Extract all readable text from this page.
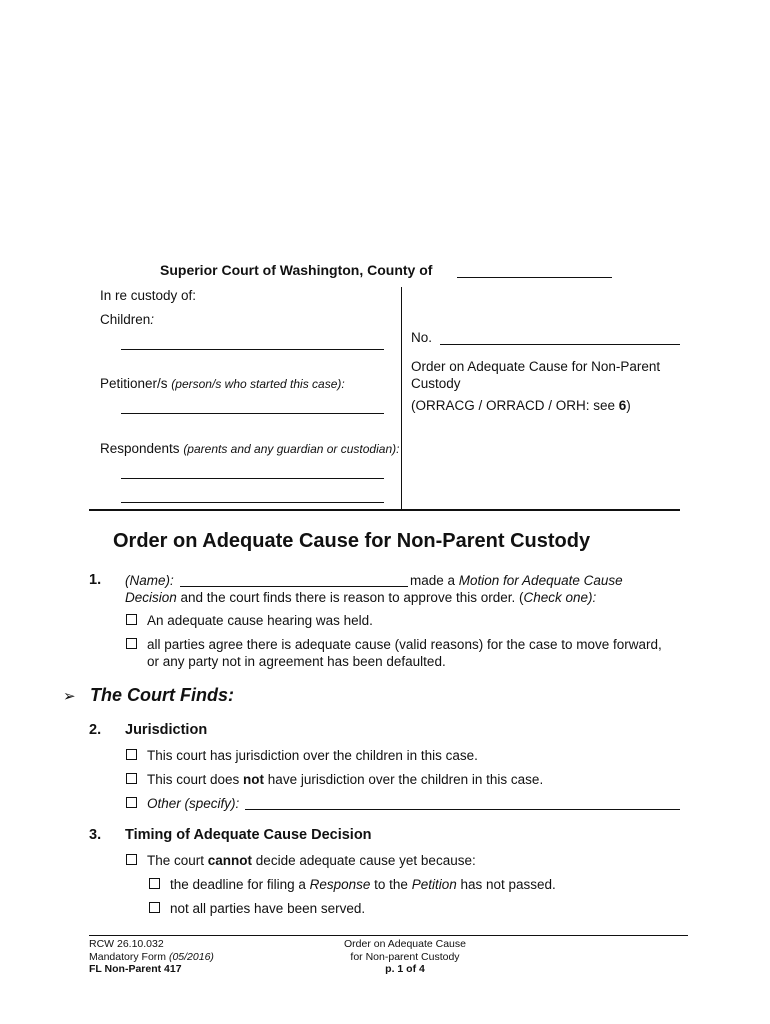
Superior Court of Washington, County of
In re custody of:
Children:
Petitioner/s (person/s who started this case):
Respondents (parents and any guardian or custodian):
No.
Order on Adequate Cause for Non-Parent
Custody
(ORRACG / ORRACD / ORH: see 6)
Order on Adequate Cause for Non-Parent Custody
1. (Name):	made a Motion for Adequate Cause
Decision and the court finds there is reason to approve this order. (Check one):
An adequate cause hearing was held.
all parties agree there is adequate cause (valid reasons) for the case to move forward,
or any party not in agreement has been defaulted.
➢ The Court Finds:
2. Jurisdiction
This court has jurisdiction over the children in this case.
This court does not have jurisdiction over the children in this case.
Other (specify):
3. Timing of Adequate Cause Decision
The court cannot decide adequate cause yet because:
the deadline for filing a Response to the Petition has not passed.
not all parties have been served.
RCW 26.10.032
Mandatory Form (05/2016)
FL Non-Parent 417
Order on Adequate Cause
for Non-parent Custody
p. 1 of 4
